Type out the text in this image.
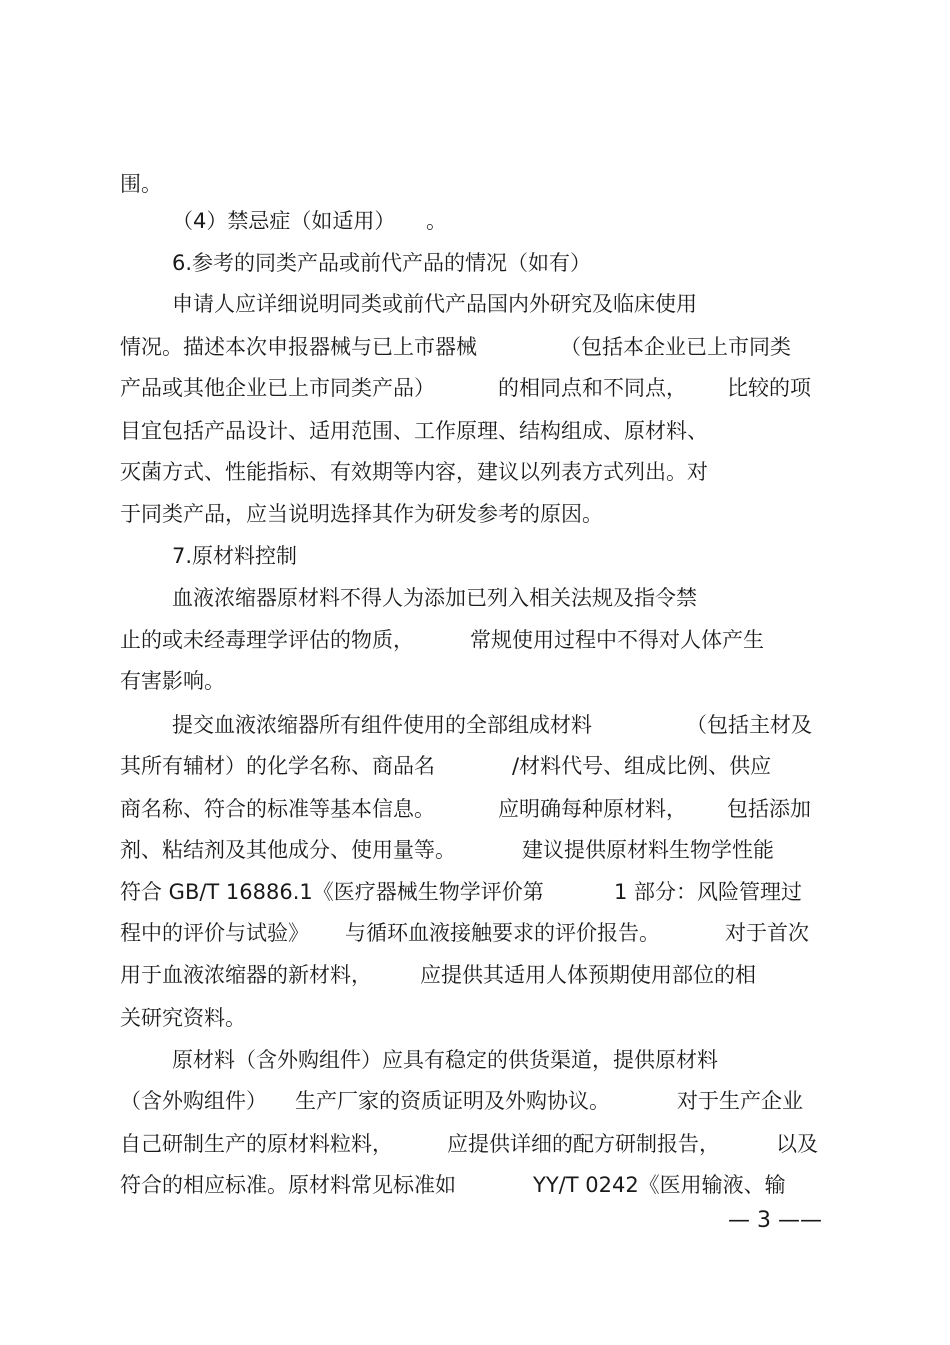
围。
（4）禁忌症（如适用） 。
6.参考的同类产品或前代产品的情况（如有）
申请人应详细说明同类或前代产品国内外研究及临床使用
情况。描述本次申报器械与已上市器械	（包括本企业已上市同类
产品或其他企业已上市同类产品）	的相同点和不同点， 比较的项
目宜包括产品设计、适用范围、工作原理、结构组成、原材料、
灭菌方式、性能指标、有效期等内容，建议以列表方式列出。对
于同类产品，应当说明选择其作为研发参考的原因。
7.原材料控制
血液浓缩器原材料不得人为添加已列入相关法规及指令禁
止的或未经毒理学评估的物质，	常规使用过程中不得对人体产生
有害影响。
提交血液浓缩器所有组件使用的全部组成材料	（包括主材及
其所有辅材）的化学名称、商品名	/材料代号、组成比例、供应
商名称、符合的标准等基本信息。	应明确每种原材料， 包括添加
剂、粘结剂及其他成分、使用量等。	建议提供原材料生物学性能
符合 GB/T 16886.1《医疗器械生物学评价第	1 部分：风险管理过
程中的评价与试验》 与循环血液接触要求的评价报告。	对于首次
用于血液浓缩器的新材料， 应提供其适用人体预期使用部位的相
关研究资料。
原材料（含外购组件）应具有稳定的供货渠道，提供原材料
（含外购组件） 生产厂家的资质证明及外购协议。	对于生产企业
自己研制生产的原材料粒料，	应提供详细的配方研制报告，	以及
符合的相应标准。原材料常见标准如	YY/T 0242《医用输液、输
— 3 ——
